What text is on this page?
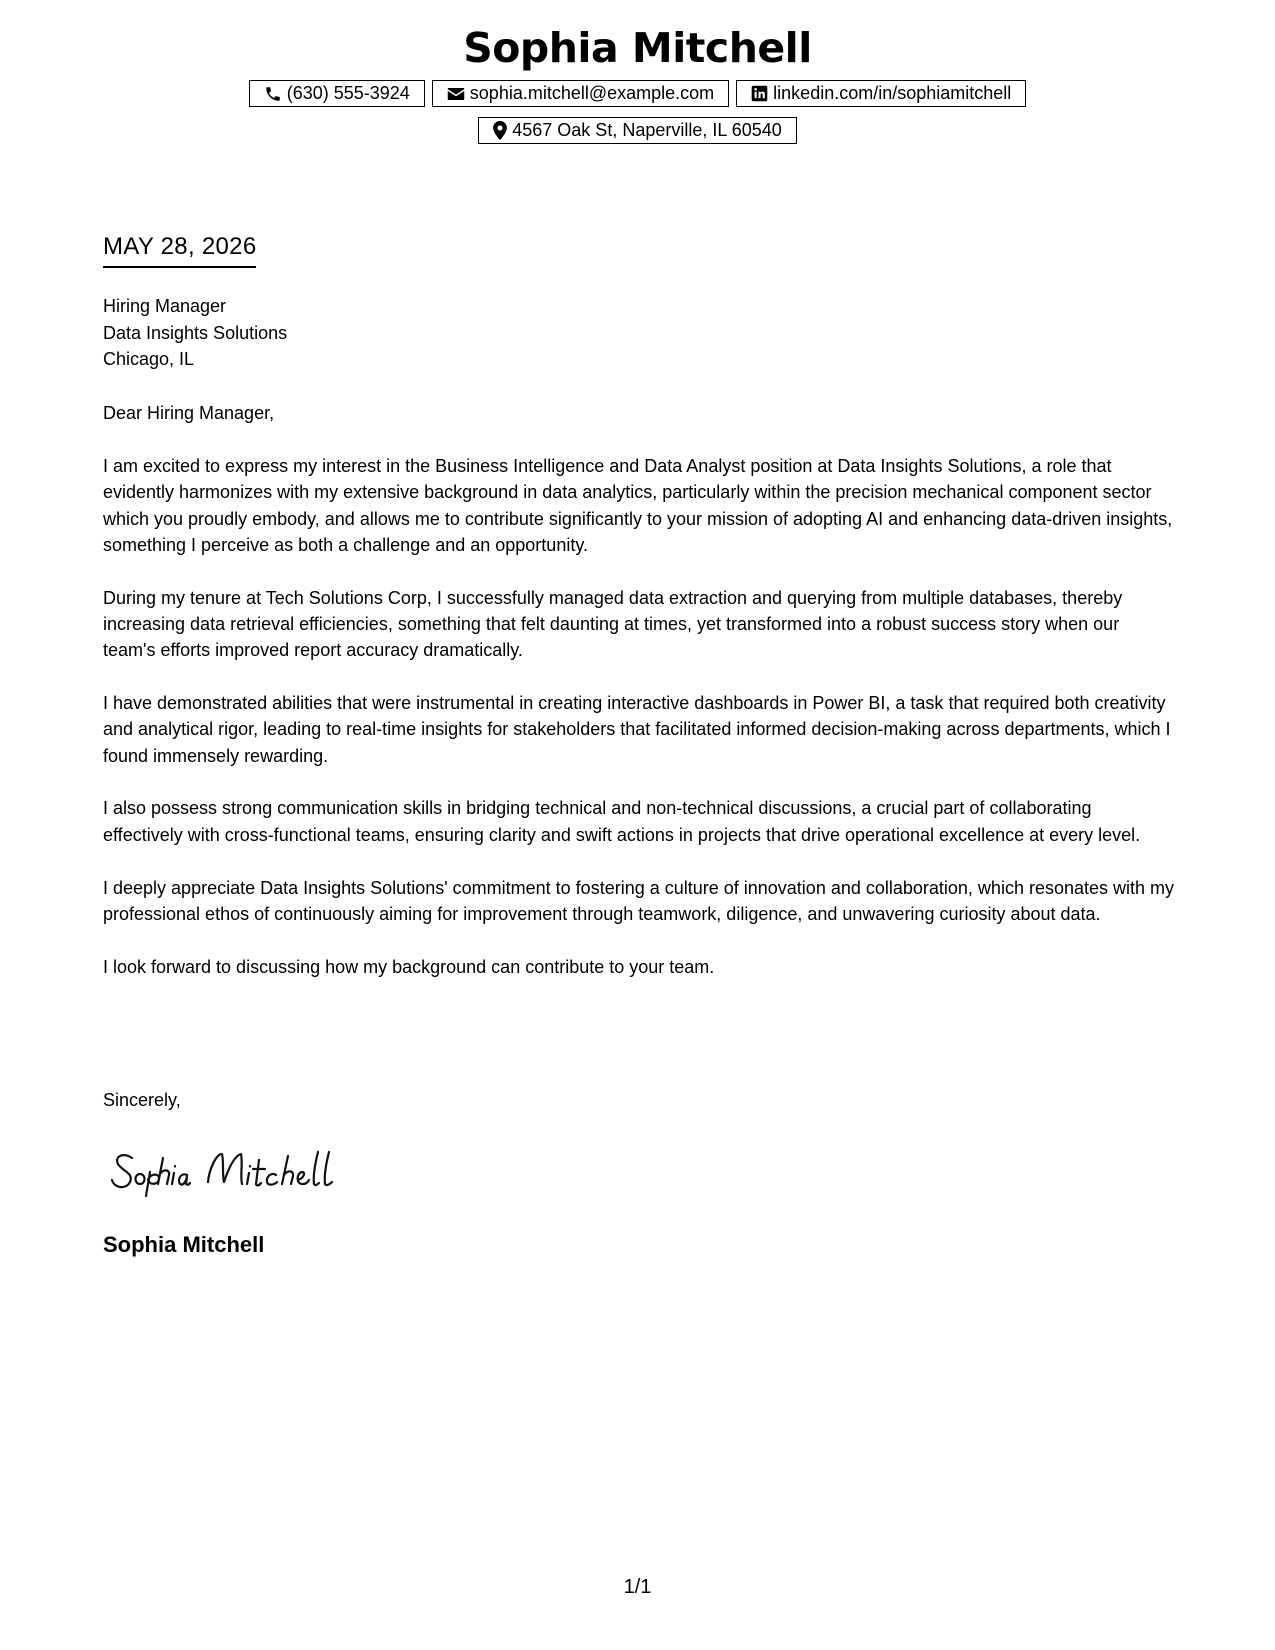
Sophia Mitchell
(630) 555-3924	sophia.mitchell@example.com	linkedin.com/in/sophiamitchell
4567 Oak St, Naperville, IL 60540
MAY 28, 2026
Hiring Manager
Data Insights Solutions
Chicago, IL
Dear Hiring Manager,

I am excited to express my interest in the Business Intelligence and Data Analyst position at Data Insights Solutions, a role that evidently harmonizes with my extensive background in data analytics, particularly within the precision mechanical component sector which you proudly embody, and allows me to contribute significantly to your mission of adopting AI and enhancing data-driven insights, something I perceive as both a challenge and an opportunity.

During my tenure at Tech Solutions Corp, I successfully managed data extraction and querying from multiple databases, thereby increasing data retrieval efficiencies, something that felt daunting at times, yet transformed into a robust success story when our team's efforts improved report accuracy dramatically.

I have demonstrated abilities that were instrumental in creating interactive dashboards in Power BI, a task that required both creativity and analytical rigor, leading to real-time insights for stakeholders that facilitated informed decision-making across departments, which I found immensely rewarding.

I also possess strong communication skills in bridging technical and non-technical discussions, a crucial part of collaborating effectively with cross-functional teams, ensuring clarity and swift actions in projects that drive operational excellence at every level.

I deeply appreciate Data Insights Solutions' commitment to fostering a culture of innovation and collaboration, which resonates with my professional ethos of continuously aiming for improvement through teamwork, diligence, and unwavering curiosity about data.

I look forward to discussing how my background can contribute to your team.

Sincerely,
Sophia Mitchell
1/1
